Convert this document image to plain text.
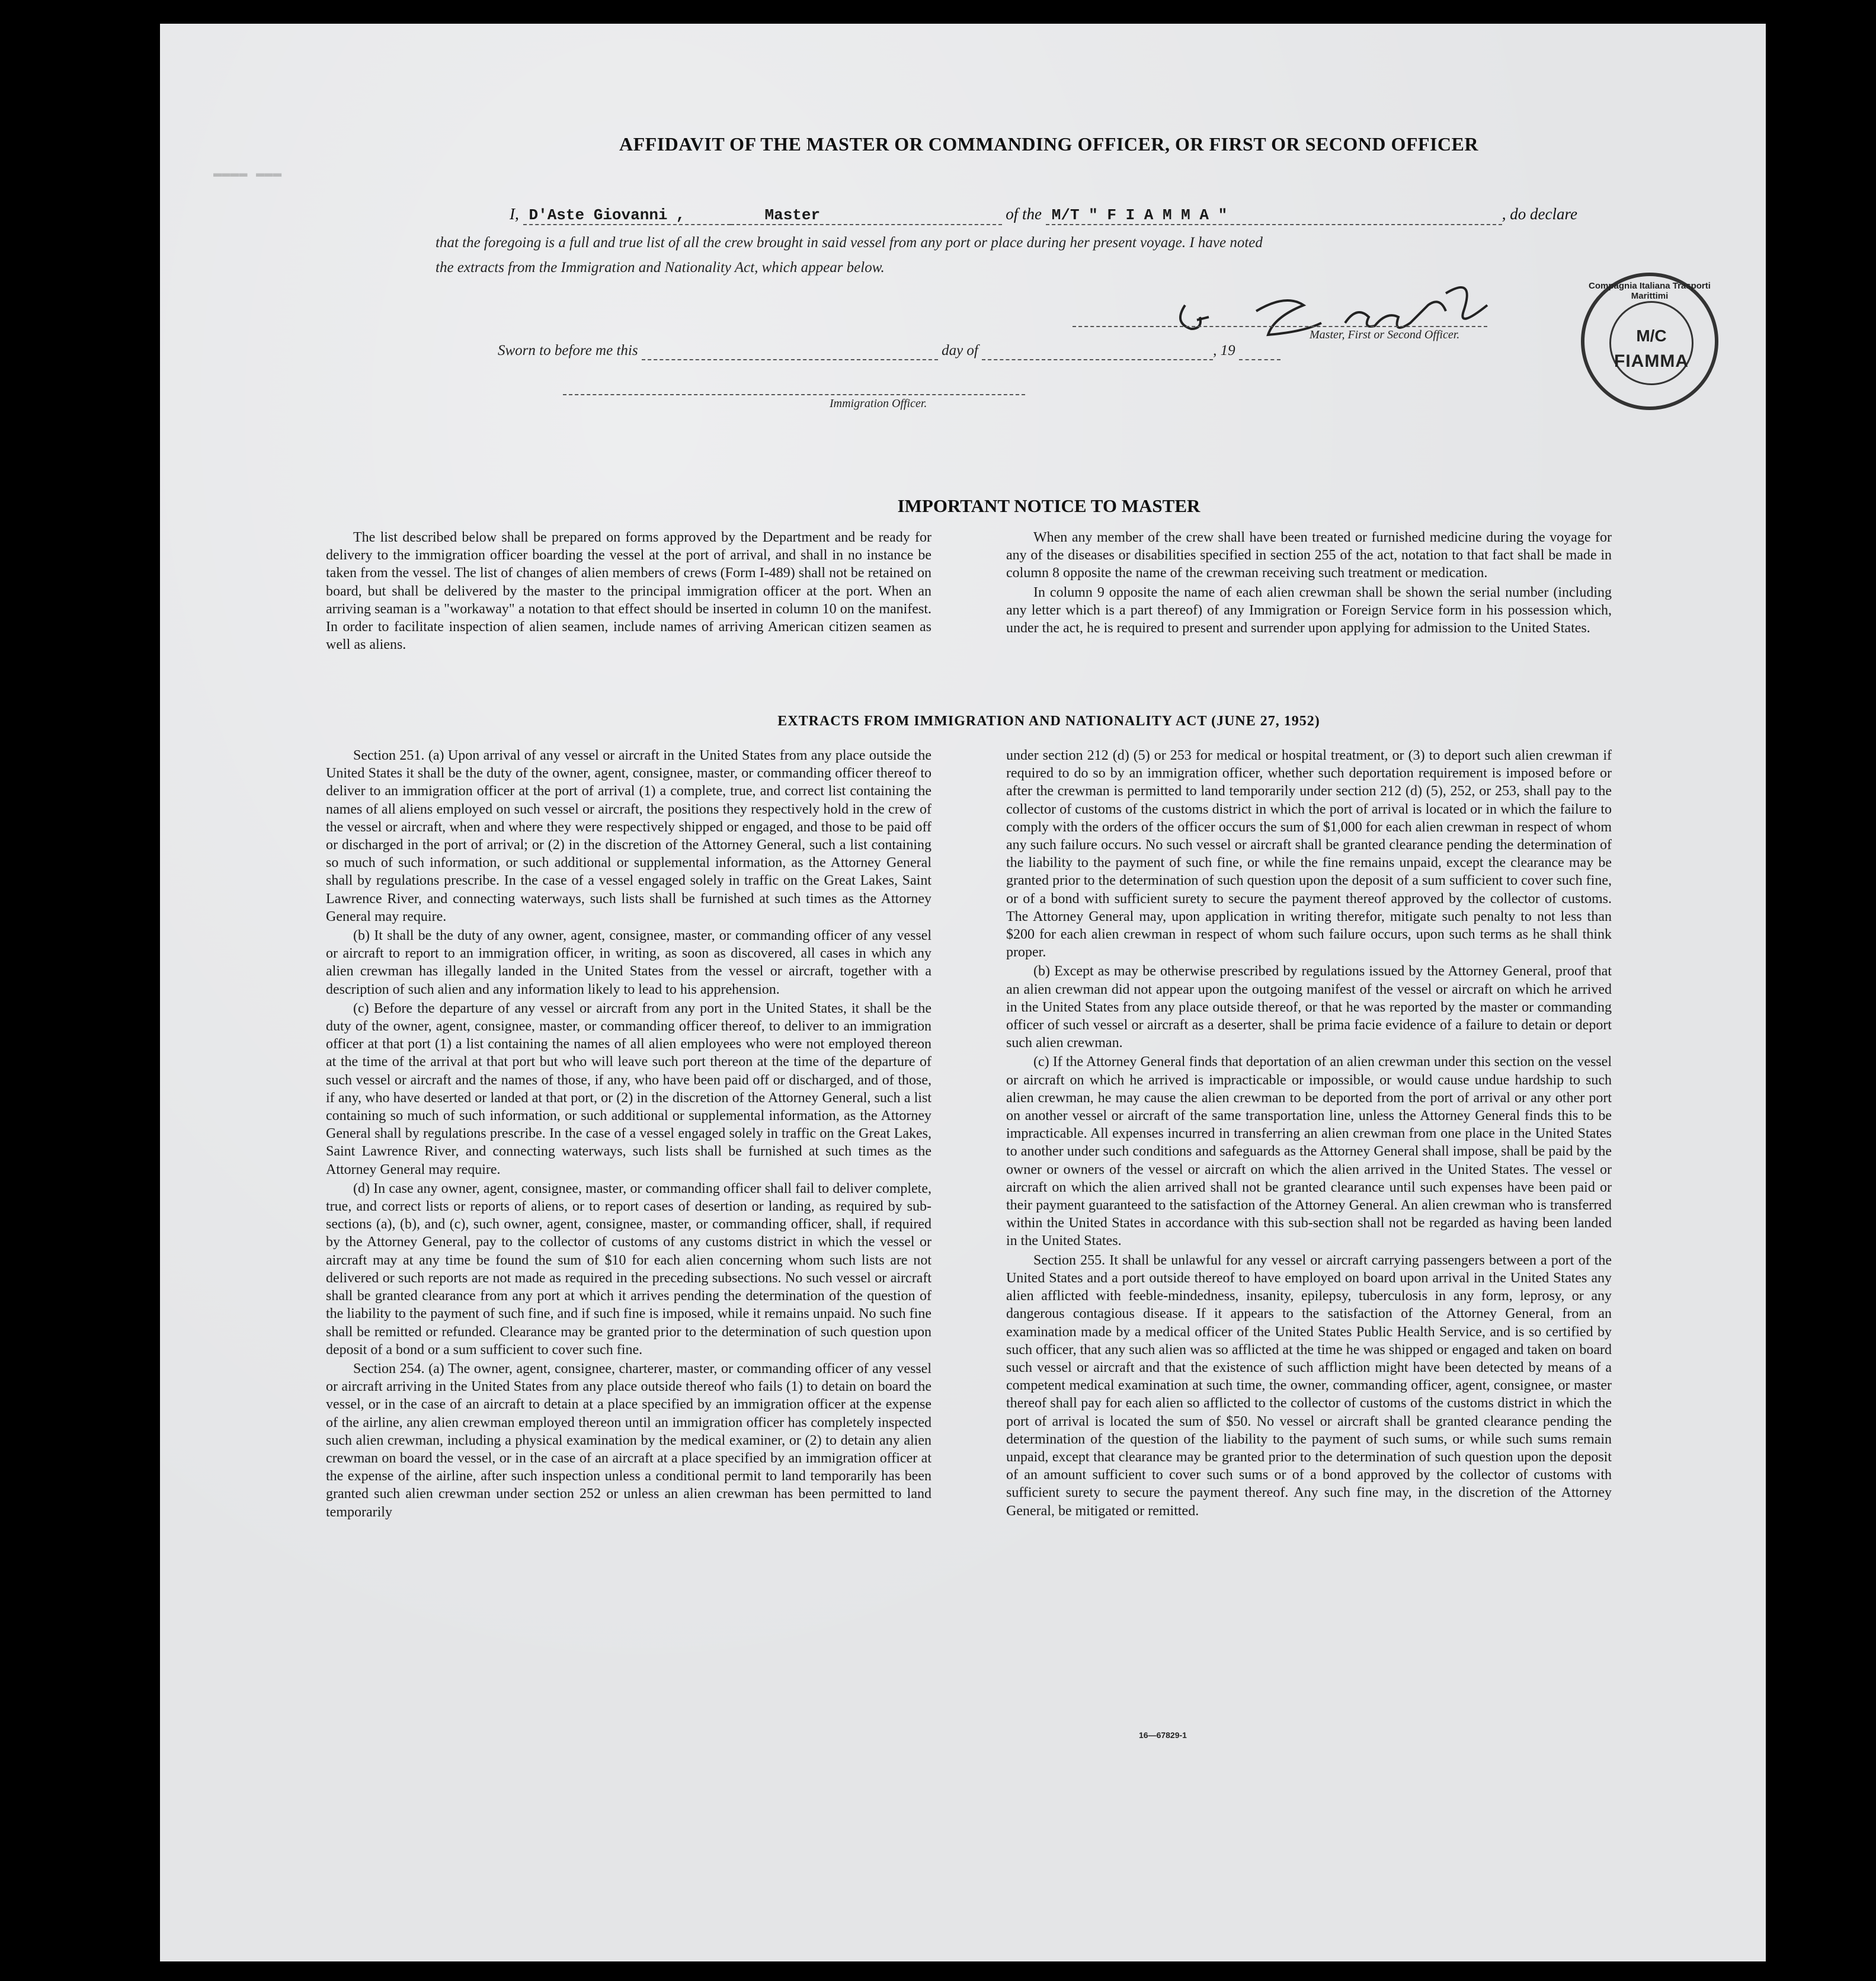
▬▬▬▬ ▬▬▬
AFFIDAVIT OF THE MASTER OR COMMANDING OFFICER, OR FIRST OR SECOND OFFICER
I, D'Aste Giovanni ,	Master	of the M/T " F I A M M A "	, do declare
that the foregoing is a full and true list of all the crew brought in said vessel from any port or place during her present voyage. I have noted
the extracts from the Immigration and Nationality Act, which appear below.
Master, First or Second Officer.
Sworn to before me this	day of	, 19
Immigration Officer.
Compagnia Italiana Trasporti Marittimi
M/C
FIAMMA
IMPORTANT NOTICE TO MASTER

The list described below shall be prepared on forms approved by the Department and be ready for delivery to the immigration officer boarding the vessel at the port of arrival, and shall in no instance be taken from the vessel. The list of changes of alien members of crews (Form I-489) shall not be retained on board, but shall be delivered by the master to the principal immigration officer at the port. When an arriving seaman is a "workaway" a notation to that effect should be inserted in column 10 on the manifest. In order to facilitate inspection of alien seamen, include names of arriving American citizen seamen as well as aliens.

When any member of the crew shall have been treated or furnished medicine during the voyage for any of the diseases or disabilities specified in section 255 of the act, notation to that fact shall be made in column 8 opposite the name of the crewman receiving such treatment or medication.

In column 9 opposite the name of each alien crewman shall be shown the serial number (including any letter which is a part thereof) of any Immigration or Foreign Service form in his possession which, under the act, he is required to present and surrender upon applying for admission to the United States.

EXTRACTS FROM IMMIGRATION AND NATIONALITY ACT (JUNE 27, 1952)

Section 251. (a) Upon arrival of any vessel or aircraft in the United States from any place outside the United States it shall be the duty of the owner, agent, consignee, master, or commanding officer thereof to deliver to an immigration officer at the port of arrival (1) a complete, true, and correct list containing the names of all aliens employed on such vessel or aircraft, the positions they respectively hold in the crew of the vessel or aircraft, when and where they were respectively shipped or engaged, and those to be paid off or discharged in the port of arrival; or (2) in the discretion of the Attorney General, such a list containing so much of such information, or such additional or supplemental information, as the Attorney General shall by regulations prescribe. In the case of a vessel engaged solely in traffic on the Great Lakes, Saint Lawrence River, and connecting waterways, such lists shall be furnished at such times as the Attorney General may require.

(b) It shall be the duty of any owner, agent, consignee, master, or commanding officer of any vessel or aircraft to report to an immigration officer, in writing, as soon as discovered, all cases in which any alien crewman has illegally landed in the United States from the vessel or aircraft, together with a description of such alien and any information likely to lead to his apprehension.

(c) Before the departure of any vessel or aircraft from any port in the United States, it shall be the duty of the owner, agent, consignee, master, or commanding officer thereof, to deliver to an immigration officer at that port (1) a list containing the names of all alien employees who were not employed thereon at the time of the arrival at that port but who will leave such port thereon at the time of the departure of such vessel or aircraft and the names of those, if any, who have been paid off or discharged, and of those, if any, who have deserted or landed at that port, or (2) in the discretion of the Attorney General, such a list containing so much of such information, or such additional or supplemental information, as the Attorney General shall by regulations prescribe. In the case of a vessel engaged solely in traffic on the Great Lakes, Saint Lawrence River, and connecting waterways, such lists shall be furnished at such times as the Attorney General may require.

(d) In case any owner, agent, consignee, master, or commanding officer shall fail to deliver complete, true, and correct lists or reports of aliens, or to report cases of desertion or landing, as required by sub-sections (a), (b), and (c), such owner, agent, consignee, master, or commanding officer, shall, if required by the Attorney General, pay to the collector of customs of any customs district in which the vessel or aircraft may at any time be found the sum of $10 for each alien concerning whom such lists are not delivered or such reports are not made as required in the preceding subsections. No such vessel or aircraft shall be granted clearance from any port at which it arrives pending the determination of the question of the liability to the payment of such fine, and if such fine is imposed, while it remains unpaid. No such fine shall be remitted or refunded. Clearance may be granted prior to the determination of such question upon deposit of a bond or a sum sufficient to cover such fine.

Section 254. (a) The owner, agent, consignee, charterer, master, or commanding officer of any vessel or aircraft arriving in the United States from any place outside thereof who fails (1) to detain on board the vessel, or in the case of an aircraft to detain at a place specified by an immigration officer at the expense of the airline, any alien crewman employed thereon until an immigration officer has completely inspected such alien crewman, including a physical examination by the medical examiner, or (2) to detain any alien crewman on board the vessel, or in the case of an aircraft at a place specified by an immigration officer at the expense of the airline, after such inspection unless a conditional permit to land temporarily has been granted such alien crewman under section 252 or unless an alien crewman has been permitted to land temporarily

under section 212 (d) (5) or 253 for medical or hospital treatment, or (3) to deport such alien crewman if required to do so by an immigration officer, whether such deportation requirement is imposed before or after the crewman is permitted to land temporarily under section 212 (d) (5), 252, or 253, shall pay to the collector of customs of the customs district in which the port of arrival is located or in which the failure to comply with the orders of the officer occurs the sum of $1,000 for each alien crewman in respect of whom any such failure occurs. No such vessel or aircraft shall be granted clearance pending the determination of the liability to the payment of such fine, or while the fine remains unpaid, except the clearance may be granted prior to the determination of such question upon the deposit of a sum sufficient to cover such fine, or of a bond with sufficient surety to secure the payment thereof approved by the collector of customs. The Attorney General may, upon application in writing therefor, mitigate such penalty to not less than $200 for each alien crewman in respect of whom such failure occurs, upon such terms as he shall think proper.

(b) Except as may be otherwise prescribed by regulations issued by the Attorney General, proof that an alien crewman did not appear upon the outgoing manifest of the vessel or aircraft on which he arrived in the United States from any place outside thereof, or that he was reported by the master or commanding officer of such vessel or aircraft as a deserter, shall be prima facie evidence of a failure to detain or deport such alien crewman.

(c) If the Attorney General finds that deportation of an alien crewman under this section on the vessel or aircraft on which he arrived is impracticable or impossible, or would cause undue hardship to such alien crewman, he may cause the alien crewman to be deported from the port of arrival or any other port on another vessel or aircraft of the same transportation line, unless the Attorney General finds this to be impracticable. All expenses incurred in transferring an alien crewman from one place in the United States to another under such conditions and safeguards as the Attorney General shall impose, shall be paid by the owner or owners of the vessel or aircraft on which the alien arrived in the United States. The vessel or aircraft on which the alien arrived shall not be granted clearance until such expenses have been paid or their payment guaranteed to the satisfaction of the Attorney General. An alien crewman who is transferred within the United States in accordance with this sub-section shall not be regarded as having been landed in the United States.

Section 255. It shall be unlawful for any vessel or aircraft carrying passengers between a port of the United States and a port outside thereof to have employed on board upon arrival in the United States any alien afflicted with feeble-mindedness, insanity, epilepsy, tuberculosis in any form, leprosy, or any dangerous contagious disease. If it appears to the satisfaction of the Attorney General, from an examination made by a medical officer of the United States Public Health Service, and is so certified by such officer, that any such alien was so afflicted at the time he was shipped or engaged and taken on board such vessel or aircraft and that the existence of such affliction might have been detected by means of a competent medical examination at such time, the owner, commanding officer, agent, consignee, or master thereof shall pay for each alien so afflicted to the collector of customs of the customs district in which the port of arrival is located the sum of $50. No vessel or aircraft shall be granted clearance pending the determination of the question of the liability to the payment of such sums, or while such sums remain unpaid, except that clearance may be granted prior to the determination of such question upon the deposit of an amount sufficient to cover such sums or of a bond approved by the collector of customs with sufficient surety to secure the payment thereof. Any such fine may, in the discretion of the Attorney General, be mitigated or remitted.

16—67829-1
